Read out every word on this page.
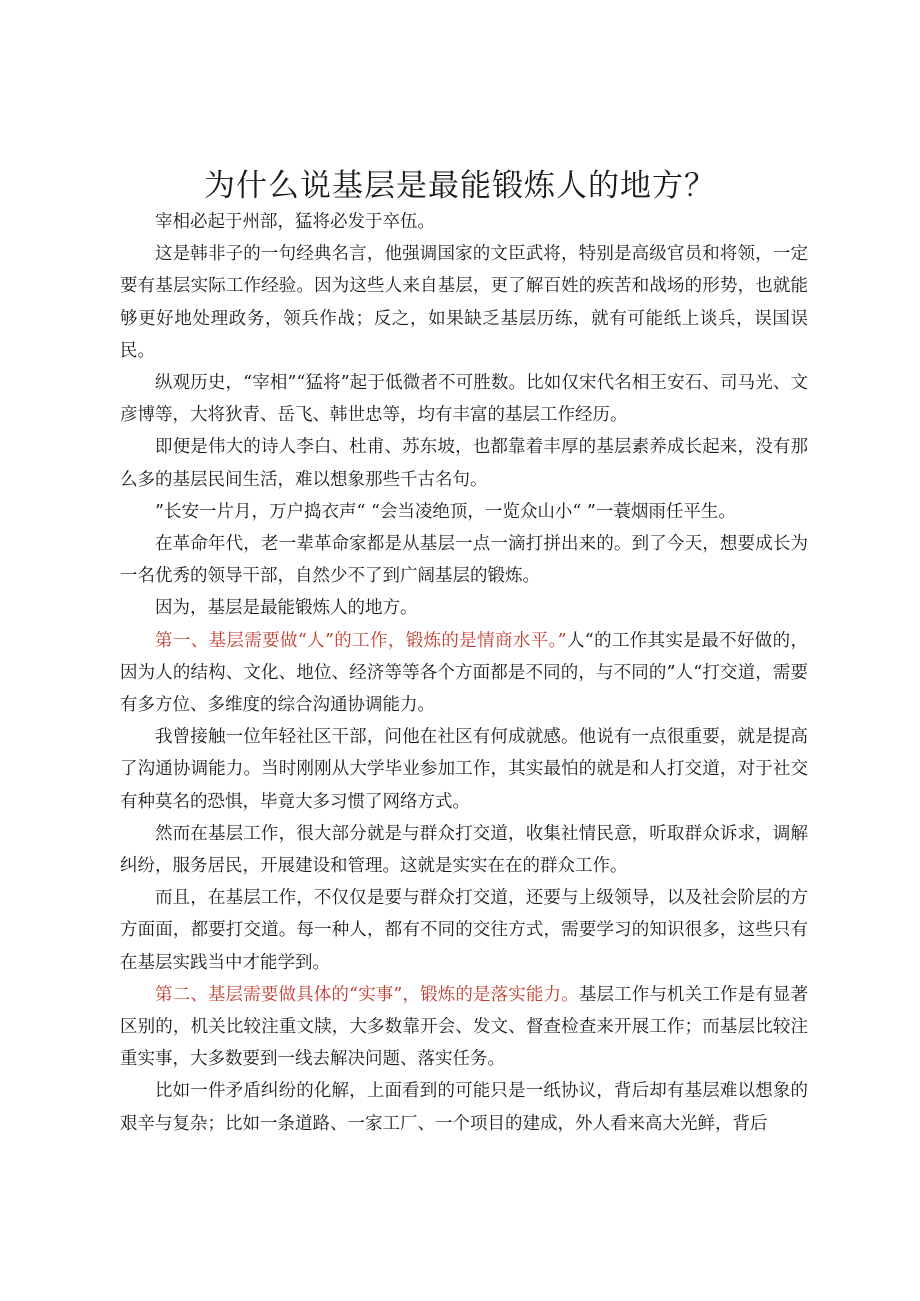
为什么说基层是最能锻炼人的地方？

宰相必起于州部，猛将必发于卒伍。

这是韩非子的一句经典名言，他强调国家的文臣武将，特别是高级官员和将领，一定要有基层实际工作经验。因为这些人来自基层，更了解百姓的疾苦和战场的形势，也就能够更好地处理政务，领兵作战；反之，如果缺乏基层历练，就有可能纸上谈兵，误国误民。

纵观历史，“宰相”“猛将”起于低微者不可胜数。比如仅宋代名相王安石、司马光、文彦博等，大将狄青、岳飞、韩世忠等，均有丰富的基层工作经历。

即便是伟大的诗人李白、杜甫、苏东坡，也都靠着丰厚的基层素养成长起来，没有那么多的基层民间生活，难以想象那些千古名句。

”长安一片月，万户捣衣声“ “会当凌绝顶，一览众山小“ ”一蓑烟雨任平生。

在革命年代，老一辈革命家都是从基层一点一滴打拼出来的。到了今天，想要成长为一名优秀的领导干部，自然少不了到广阔基层的锻炼。

因为，基层是最能锻炼人的地方。

第一、基层需要做“人”的工作，锻炼的是情商水平。”人“的工作其实是最不好做的，因为人的结构、文化、地位、经济等等各个方面都是不同的，与不同的”人“打交道，需要有多方位、多维度的综合沟通协调能力。

我曾接触一位年轻社区干部，问他在社区有何成就感。他说有一点很重要，就是提高了沟通协调能力。当时刚刚从大学毕业参加工作，其实最怕的就是和人打交道，对于社交有种莫名的恐惧，毕竟大多习惯了网络方式。

然而在基层工作，很大部分就是与群众打交道，收集社情民意，听取群众诉求，调解纠纷，服务居民，开展建设和管理。这就是实实在在的群众工作。

而且，在基层工作，不仅仅是要与群众打交道，还要与上级领导，以及社会阶层的方方面面，都要打交道。每一种人，都有不同的交往方式，需要学习的知识很多，这些只有在基层实践当中才能学到。

第二、基层需要做具体的“实事”，锻炼的是落实能力。基层工作与机关工作是有显著区别的，机关比较注重文牍，大多数靠开会、发文、督查检查来开展工作；而基层比较注重实事，大多数要到一线去解决问题、落实任务。

比如一件矛盾纠纷的化解，上面看到的可能只是一纸协议，背后却有基层难以想象的艰辛与复杂；比如一条道路、一家工厂、一个项目的建成，外人看来高大光鲜，背后
